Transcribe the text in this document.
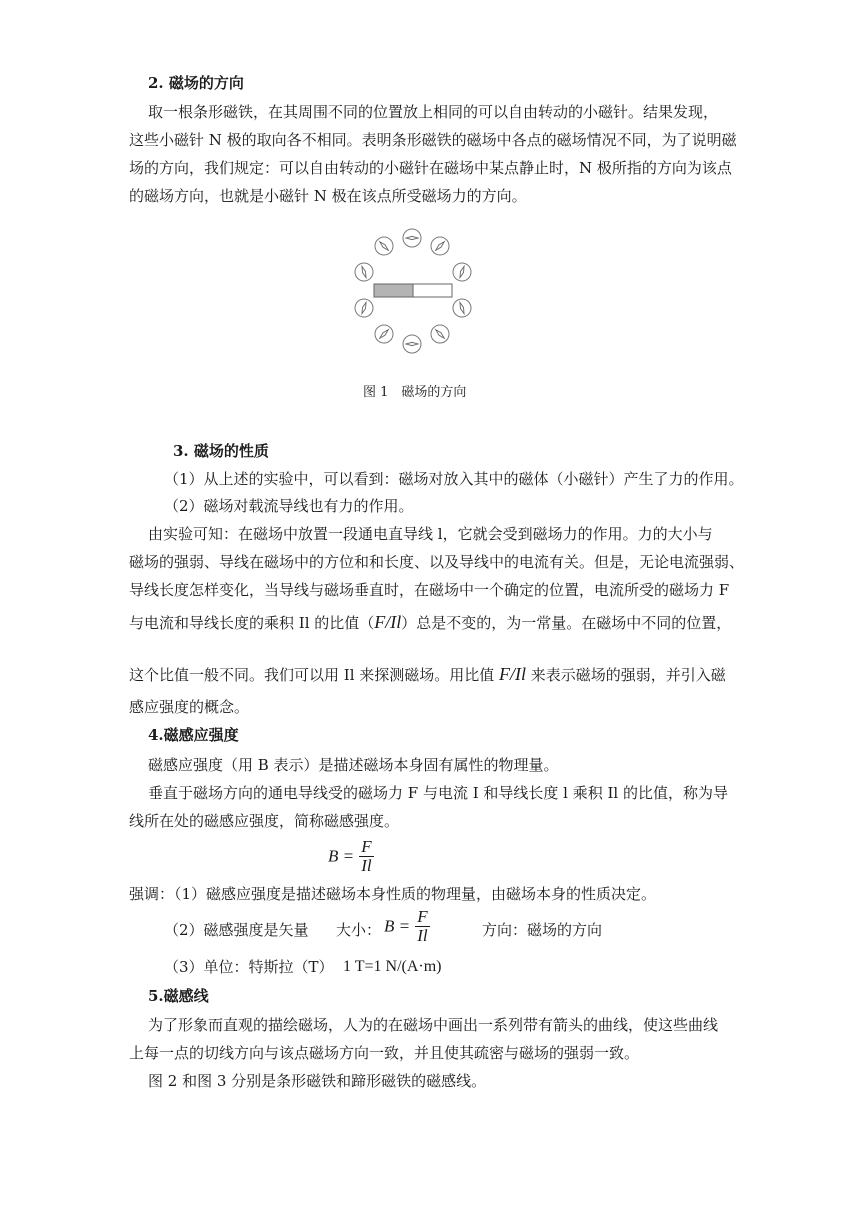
2. 磁场的方向
取一根条形磁铁，在其周围不同的位置放上相同的可以自由转动的小磁针。结果发现，
这些小磁针 N 极的取向各不相同。表明条形磁铁的磁场中各点的磁场情况不同，为了说明磁
场的方向，我们规定：可以自由转动的小磁针在磁场中某点静止时，N 极所指的方向为该点
的磁场方向，也就是小磁针 N 极在该点所受磁场力的方向。
图 1　磁场的方向
3. 磁场的性质
（1）从上述的实验中，可以看到：磁场对放入其中的磁体（小磁针）产生了力的作用。
（2）磁场对载流导线也有力的作用。
由实验可知：在磁场中放置一段通电直导线 l，它就会受到磁场力的作用。力的大小与
磁场的强弱、导线在磁场中的方位和和长度、以及导线中的电流有关。但是，无论电流强弱、
导线长度怎样变化，当导线与磁场垂直时，在磁场中一个确定的位置，电流所受的磁场力 F
与电流和导线长度的乘积 Il 的比值（F/Il）总是不变的，为一常量。在磁场中不同的位置，
这个比值一般不同。我们可以用 Il 来探测磁场。用比值 F/Il 来表示磁场的强弱，并引入磁
感应强度的概念。
4.磁感应强度
磁感应强度（用 B 表示）是描述磁场本身固有属性的物理量。
垂直于磁场方向的通电导线受的磁场力 F 与电流 I 和导线长度 l 乘积 Il 的比值，称为导
线所在处的磁感应强度，简称磁感强度。
$B = \frac{F}{Il}$
强调：（1）磁感应强度是描述磁场本身性质的物理量，由磁场本身的性质决定。
（2）磁感强度是矢量 大小： $B = \frac{F}{Il}$	方向：磁场的方向
（3）单位：特斯拉（T） 1 T=1 N/(A·m)
5.磁感线
为了形象而直观的描绘磁场，人为的在磁场中画出一系列带有箭头的曲线，使这些曲线
上每一点的切线方向与该点磁场方向一致，并且使其疏密与磁场的强弱一致。
图 2 和图 3 分别是条形磁铁和蹄形磁铁的磁感线。
